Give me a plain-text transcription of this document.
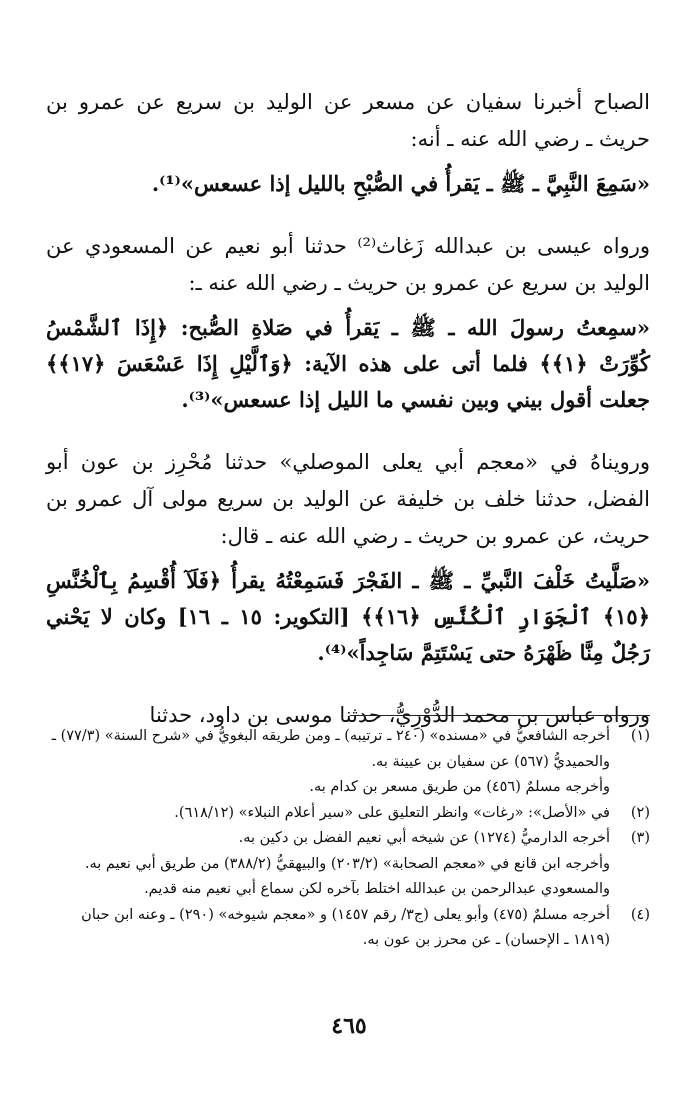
الصباح أخبرنا سفيان عن مسعر عن الوليد بن سريع عن عمرو بن حريث ـ رضي الله عنه ـ أنه:

«سَمِعَ النَّبِيَّ ـ ﷺ ـ يَقرأُ في الصُّبْحِ بالليل إذا عسعس»⁽¹⁾.

ورواه عيسى بن عبدالله زَغاث⁽²⁾ حدثنا أبو نعيم عن المسعودي عن الوليد بن سريع عن عمرو بن حريث ـ رضي الله عنه ـ:

«سمِعتُ رسولَ الله ـ ﷺ ـ يَقرأُ في صَلاةِ الصُّبح: ﴿إِذَا ٱلشَّمْسُ كُوِّرَتْ ﴿١﴾﴾ فلما أتى على هذه الآية: ﴿وَٱلَّيْلِ إِذَا عَسْعَسَ ﴿١٧﴾﴾ جعلت أقول بيني وبين نفسي ما الليل إذا عسعس»⁽³⁾.

ورويناهُ في «معجم أبي يعلى الموصلي» حدثنا مُحْرِز بن عون أبو الفضل، حدثنا خلف بن خليفة عن الوليد بن سريع مولى آل عمرو بن حريث، عن عمرو بن حريث ـ رضي الله عنه ـ قال:

«صَلَّيتُ خَلْفَ النَّبيِّ ـ ﷺ ـ الفَجْرَ فَسَمِعْتُهُ يقرأُ ﴿فَلَآ أُقْسِمُ بِٱلْخُنَّسِ ﴿١٥﴾ ٱلْجَوَارِ ٱلْكُنَّسِ ﴿١٦﴾﴾ [التكوير: ١٥ ـ ١٦] وكان لا يَحْني رَجُلٌ مِنَّا ظَهْرَهُ حتى يَسْتَتِمَّ سَاجِداً»⁽⁴⁾.

ورواه عباس بن محمد الدُّوْرِيُّ، حدثنا موسى بن داود، حدثنا

(١)
أخرجه الشافعيُّ في «مسنده» (٢٤٠ ـ ترتيبه) ـ ومن طريقه البغويُّ في «شرح السنة» (٧٧/٣) ـ والحميديُّ (٥٦٧) عن سفيان بن عيينة به.
وأخرجه مسلمٌ (٤٥٦) من طريق مسعر بن كدام به.
(٢)
في «الأصل»: «رغات» وانظر التعليق على «سير أعلام النبلاء» (٦١٨/١٢).
(٣)
أخرجه الدارميُّ (١٢٧٤) عن شيخه أبي نعيم الفضل بن دكين به.
وأخرجه ابن قانع في «معجم الصحابة» (٢٠٣/٢) والبيهقيُّ (٣٨٨/٢) من طريق أبي نعيم به.
والمسعودي عبدالرحمن بن عبدالله اختلط بآخره لكن سماع أبي نعيم منه قديم.
(٤)
أخرجه مسلمٌ (٤٧٥) وأبو يعلى (ج٣/ رقم ١٤٥٧) و «معجم شيوخه» (٢٩٠) ـ وعنه ابن حبان (١٨١٩ ـ الإحسان) ـ عن محرز بن عون به.
٤٦٥
